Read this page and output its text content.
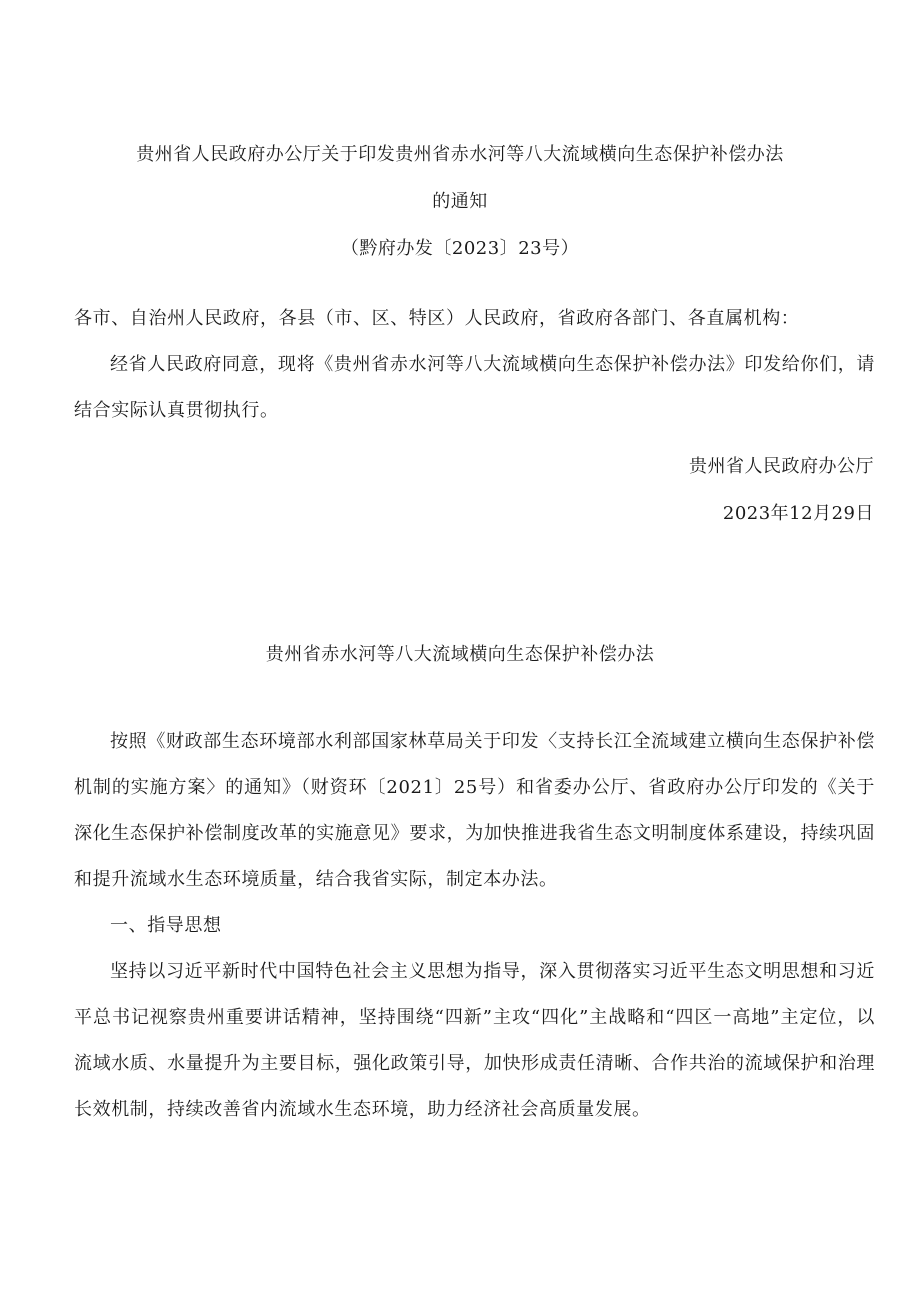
贵州省人民政府办公厅关于印发贵州省赤水河等八大流域横向生态保护补偿办法
的通知
（黔府办发〔2023〕23号）

各市、自治州人民政府，各县（市、区、特区）人民政府，省政府各部门、各直属机构：

经省人民政府同意，现将《贵州省赤水河等八大流域横向生态保护补偿办法》印发给你们，请结合实际认真贯彻执行。

贵州省人民政府办公厅
2023年12月29日
贵州省赤水河等八大流域横向生态保护补偿办法

按照《财政部生态环境部水利部国家林草局关于印发〈支持长江全流域建立横向生态保护补偿机制的实施方案〉的通知》（财资环〔2021〕25号）和省委办公厅、省政府办公厅印发的《关于深化生态保护补偿制度改革的实施意见》要求，为加快推进我省生态文明制度体系建设，持续巩固和提升流域水生态环境质量，结合我省实际，制定本办法。

一、指导思想

坚持以习近平新时代中国特色社会主义思想为指导，深入贯彻落实习近平生态文明思想和习近平总书记视察贵州重要讲话精神，坚持围绕“四新”主攻“四化”主战略和“四区一高地”主定位，以流域水质、水量提升为主要目标，强化政策引导，加快形成责任清晰、合作共治的流域保护和治理长效机制，持续改善省内流域水生态环境，助力经济社会高质量发展。
